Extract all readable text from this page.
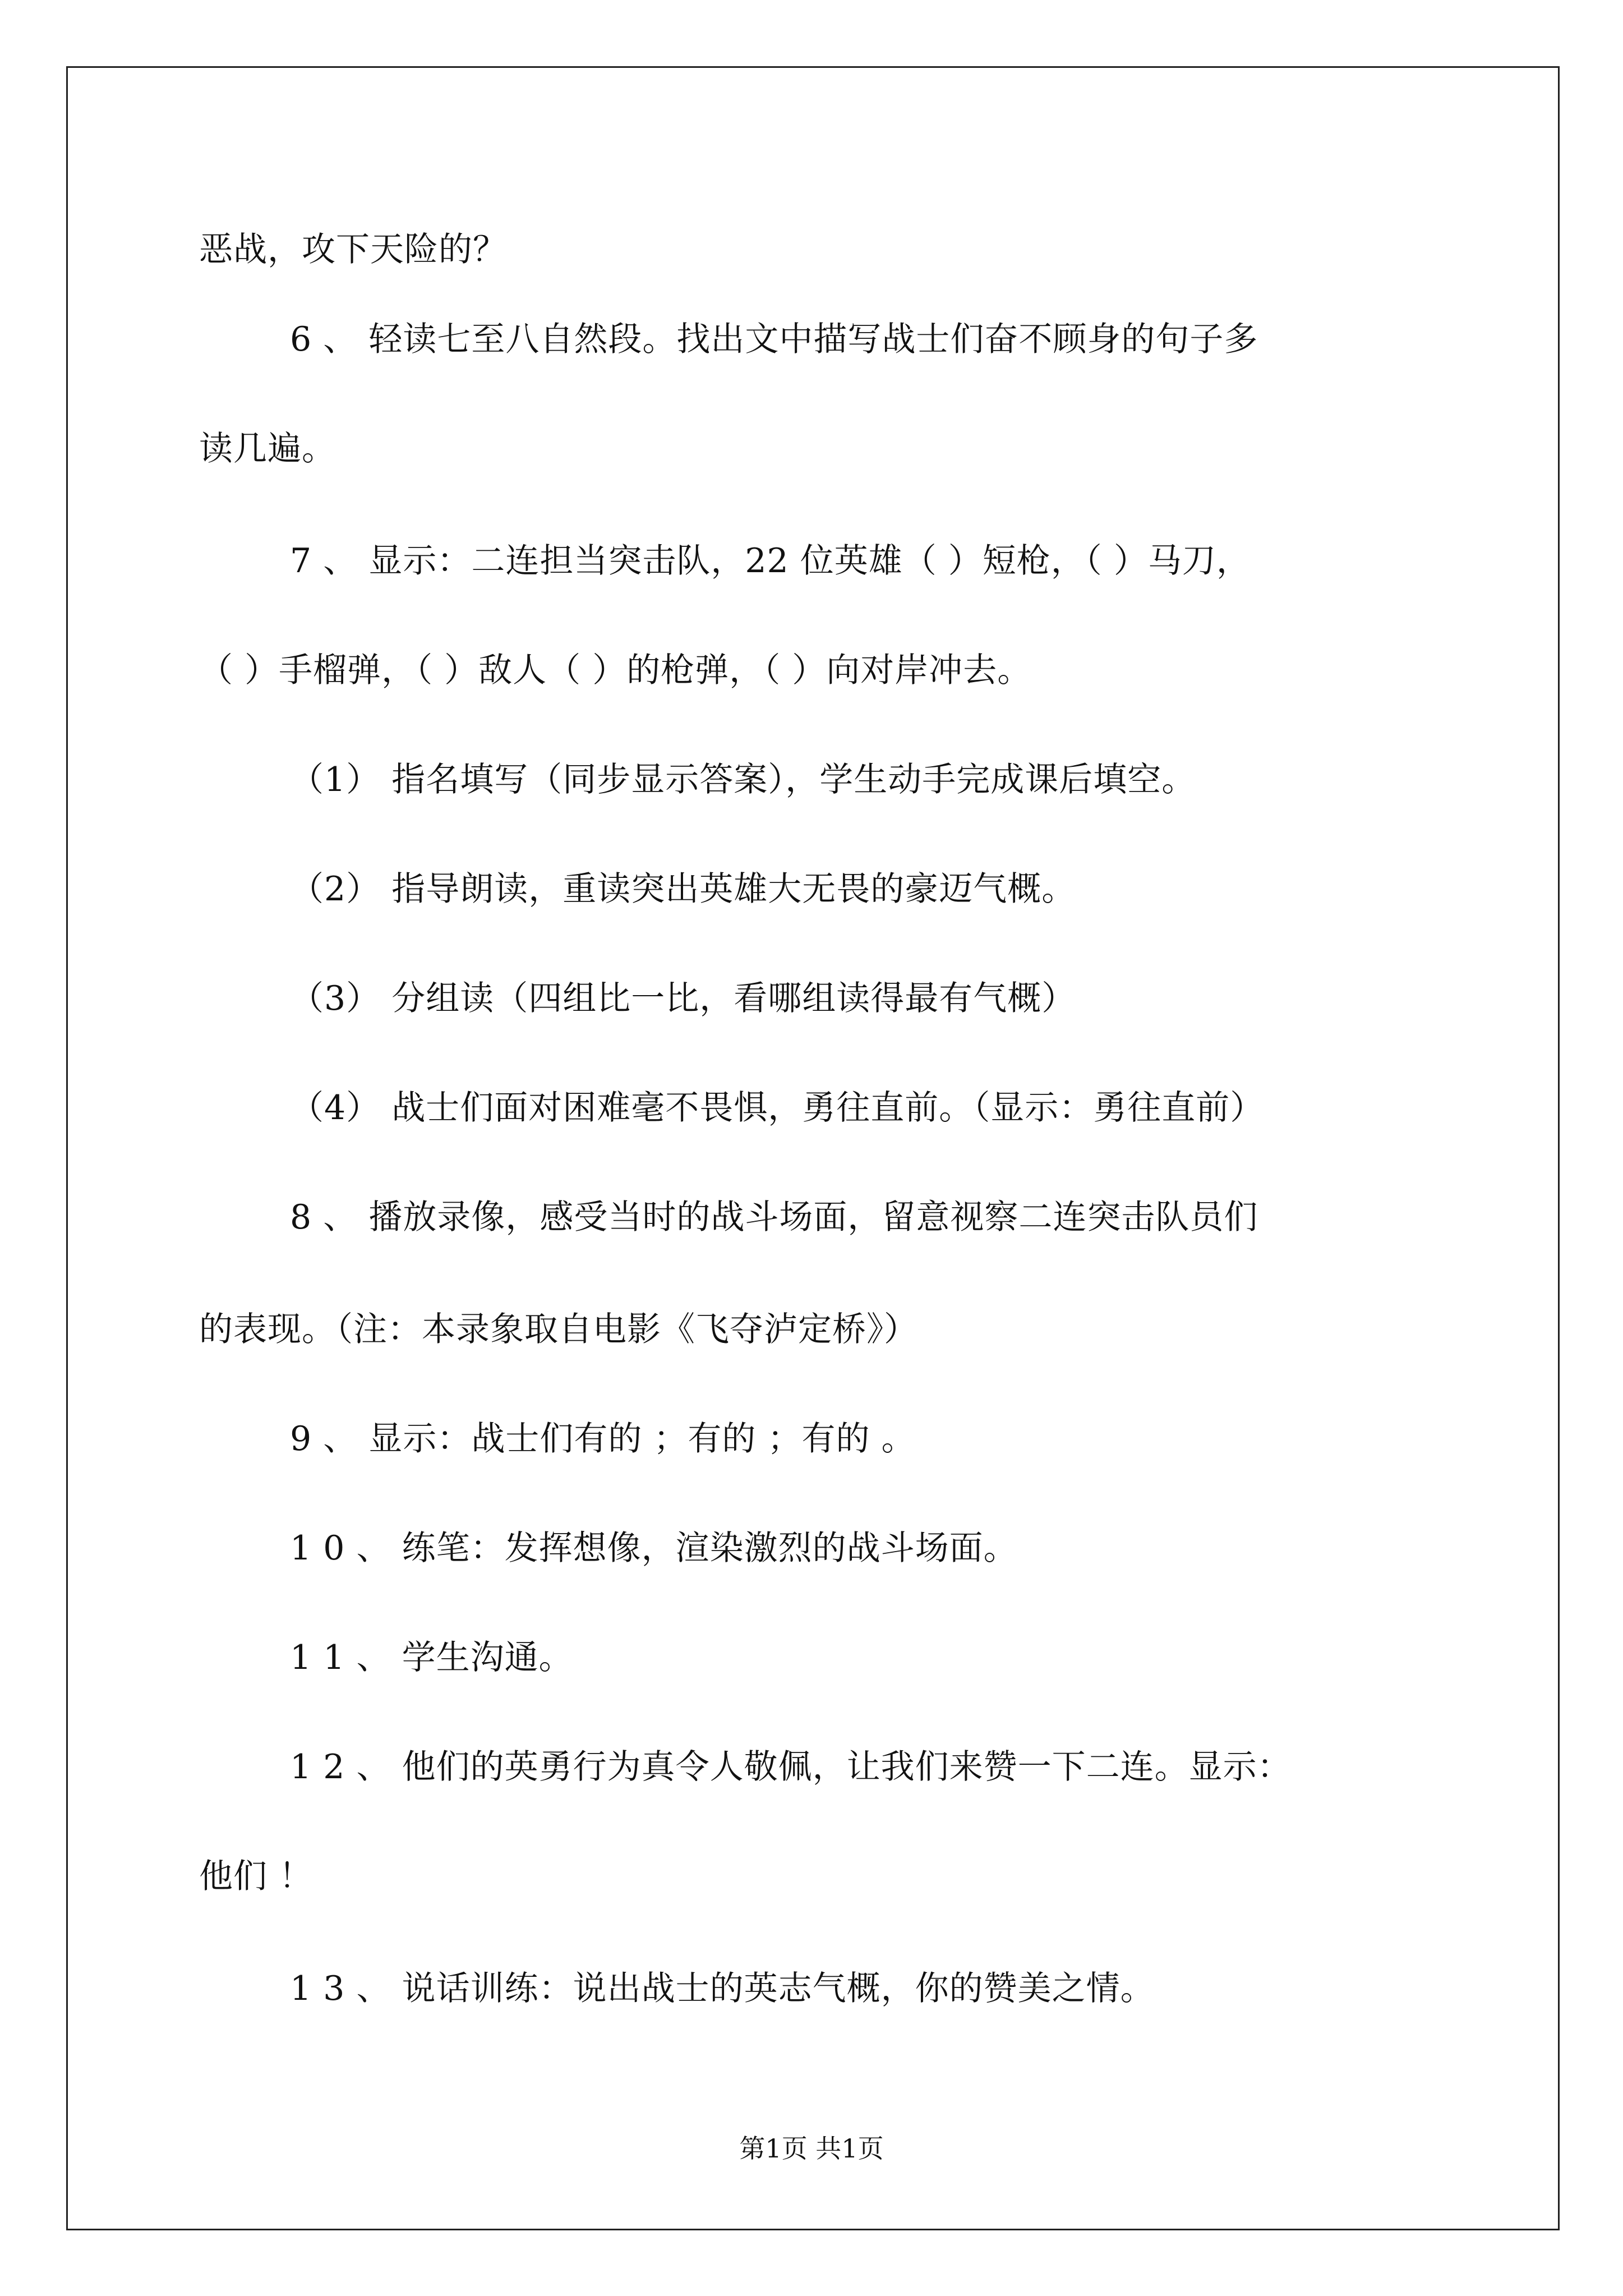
恶战，攻下天险的？
6 、 轻读七至八自然段。找出文中描写战士们奋不顾身的句子多
读几遍。
7 、 显示：二连担当突击队，22 位英雄（ ）短枪，（ ）马刀，
（ ）手榴弹，（ ）敌人（ ）的枪弹，（ ）向对岸冲去。
（1） 指名填写（同步显示答案），学生动手完成课后填空。
（2） 指导朗读，重读突出英雄大无畏的豪迈气概。
（3） 分组读（四组比一比，看哪组读得最有气概）
（4） 战士们面对困难毫不畏惧，勇往直前。（显示：勇往直前）
8 、 播放录像，感受当时的战斗场面，留意视察二连突击队员们
的表现。（注：本录象取自电影《飞夺泸定桥》）
9 、 显示：战士们有的 ；有的 ；有的 。
1 0 、 练笔：发挥想像，渲染激烈的战斗场面。
1 1 、 学生沟通。
1 2 、 他们的英勇行为真令人敬佩，让我们来赞一下二连。显示：
他们 ！
1 3 、 说话训练：说出战士的英志气概，你的赞美之情。
第1页 共1页
